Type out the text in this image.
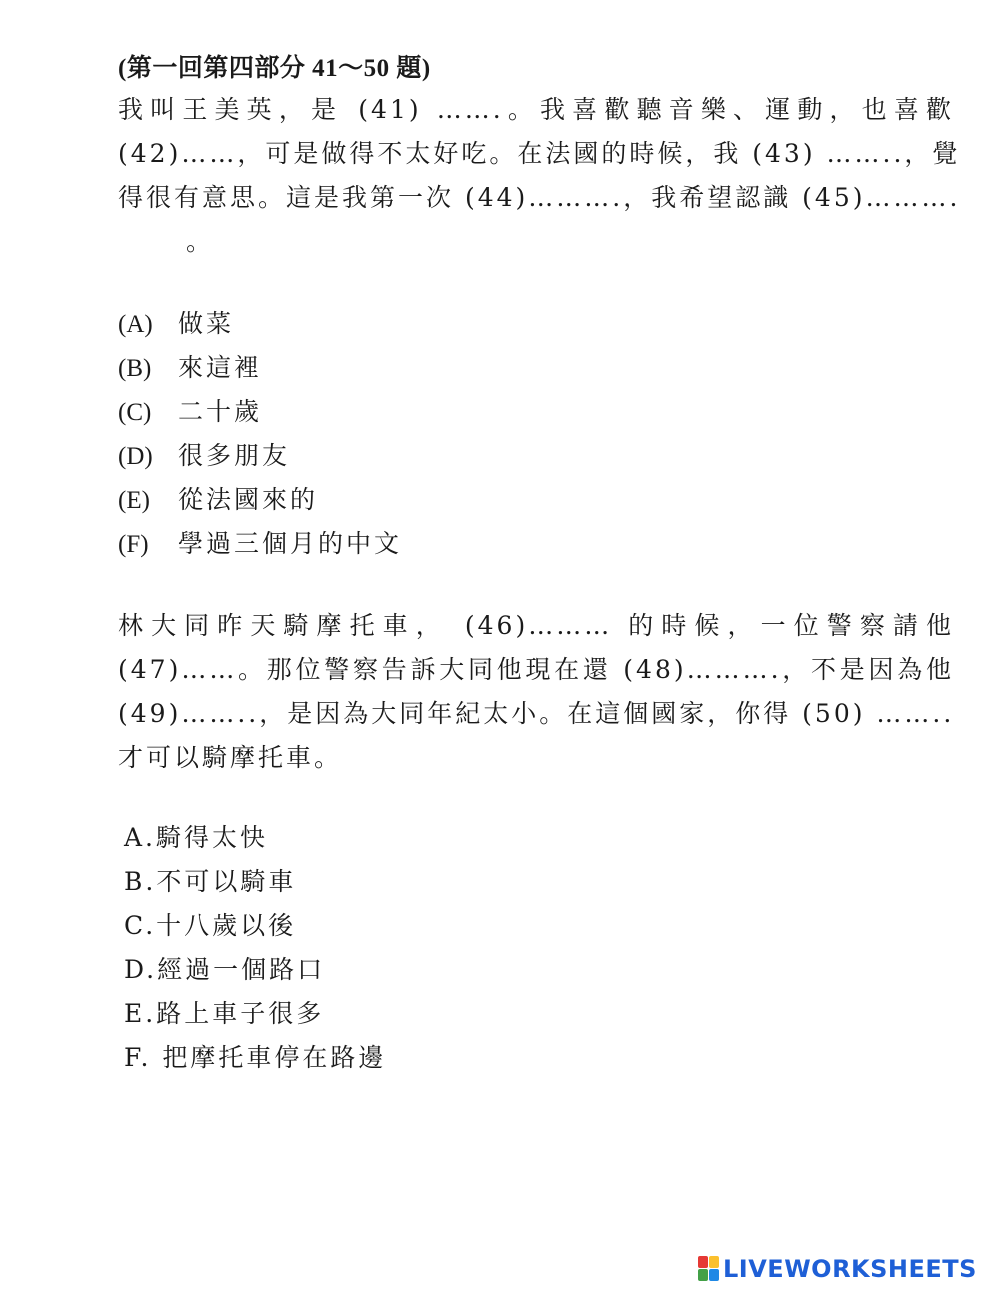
(第一回第四部分 41～50 題)
我叫王美英，是 (41) …….。我喜歡聽音樂、運動，也喜歡
(42)……，可是做得不太好吃。在法國的時候，我 (43) ……..，覺
得很有意思。這是我第一次 (44)……….，我希望認識 (45)……….
。
(A) 做菜
(B) 來這裡
(C) 二十歲
(D) 很多朋友
(E) 從法國來的
(F) 學過三個月的中文
林大同昨天騎摩托車， (46)……… 的時候，一位警察請他
(47)……。那位警察告訴大同他現在還 (48)……….，不是因為他
(49)……..，是因為大同年紀太小。在這個國家，你得 (50) ……..
才可以騎摩托車。
A.騎得太快
B.不可以騎車
C.十八歲以後
D.經過一個路口
E.路上車子很多
F. 把摩托車停在路邊
LIVEWORKSHEETS
